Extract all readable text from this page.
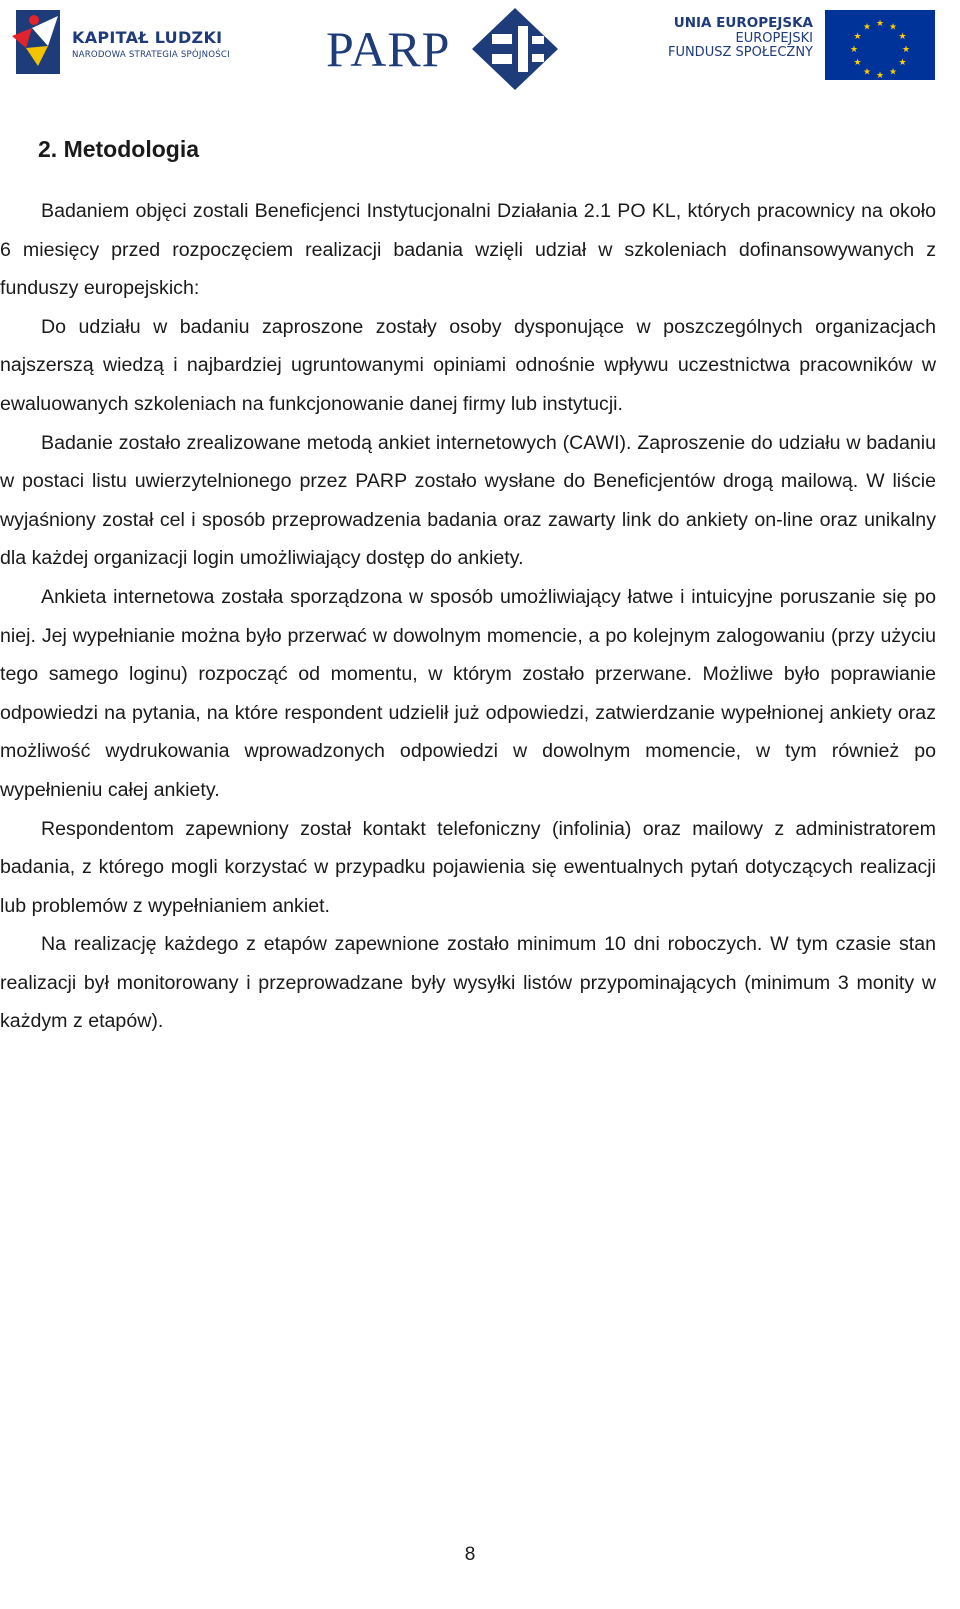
KAPITAŁ LUDZKI
NARODOWA STRATEGIA SPÓJNOŚCI PARP	UNIA EUROPEJSKA
EUROPEJSKI
FUNDUSZ SPOŁECZNY
★ ★
★
★
★
★
★
★
★
★
★
★
2. Metodologia

Badaniem objęci zostali Beneficjenci Instytucjonalni Działania 2.1 PO KL, których pracownicy na około 6 miesięcy przed rozpoczęciem realizacji badania wzięli udział w szkoleniach dofinansowywanych z funduszy europejskich:

Do udziału w badaniu zaproszone zostały osoby dysponujące w poszczególnych organizacjach najszerszą wiedzą i najbardziej ugruntowanymi opiniami odnośnie wpływu uczestnictwa pracowników w ewaluowanych szkoleniach na funkcjonowanie danej firmy lub instytucji.

Badanie zostało zrealizowane metodą ankiet internetowych (CAWI). Zaproszenie do udziału w badaniu w postaci listu uwierzytelnionego przez PARP zostało wysłane do Beneficjentów drogą mailową. W liście wyjaśniony został cel i sposób przeprowadzenia badania oraz zawarty link do ankiety on-line oraz unikalny dla każdej organizacji login umożliwiający dostęp do ankiety.

Ankieta internetowa została sporządzona w sposób umożliwiający łatwe i intuicyjne poruszanie się po niej. Jej wypełnianie można było przerwać w dowolnym momencie, a po kolejnym zalogowaniu (przy użyciu tego samego loginu) rozpocząć od momentu, w którym zostało przerwane. Możliwe było poprawianie odpowiedzi na pytania, na które respondent udzielił już odpowiedzi, zatwierdzanie wypełnionej ankiety oraz możliwość wydrukowania wprowadzonych odpowiedzi w dowolnym momencie, w tym również po wypełnieniu całej ankiety.

Respondentom zapewniony został kontakt telefoniczny (infolinia) oraz mailowy z administratorem badania, z którego mogli korzystać w przypadku pojawienia się ewentualnych pytań dotyczących realizacji lub problemów z wypełnianiem ankiet.

Na realizację każdego z etapów zapewnione zostało minimum 10 dni roboczych. W tym czasie stan realizacji był monitorowany i przeprowadzane były wysyłki listów przypominających (minimum 3 monity w każdym z etapów).

8
